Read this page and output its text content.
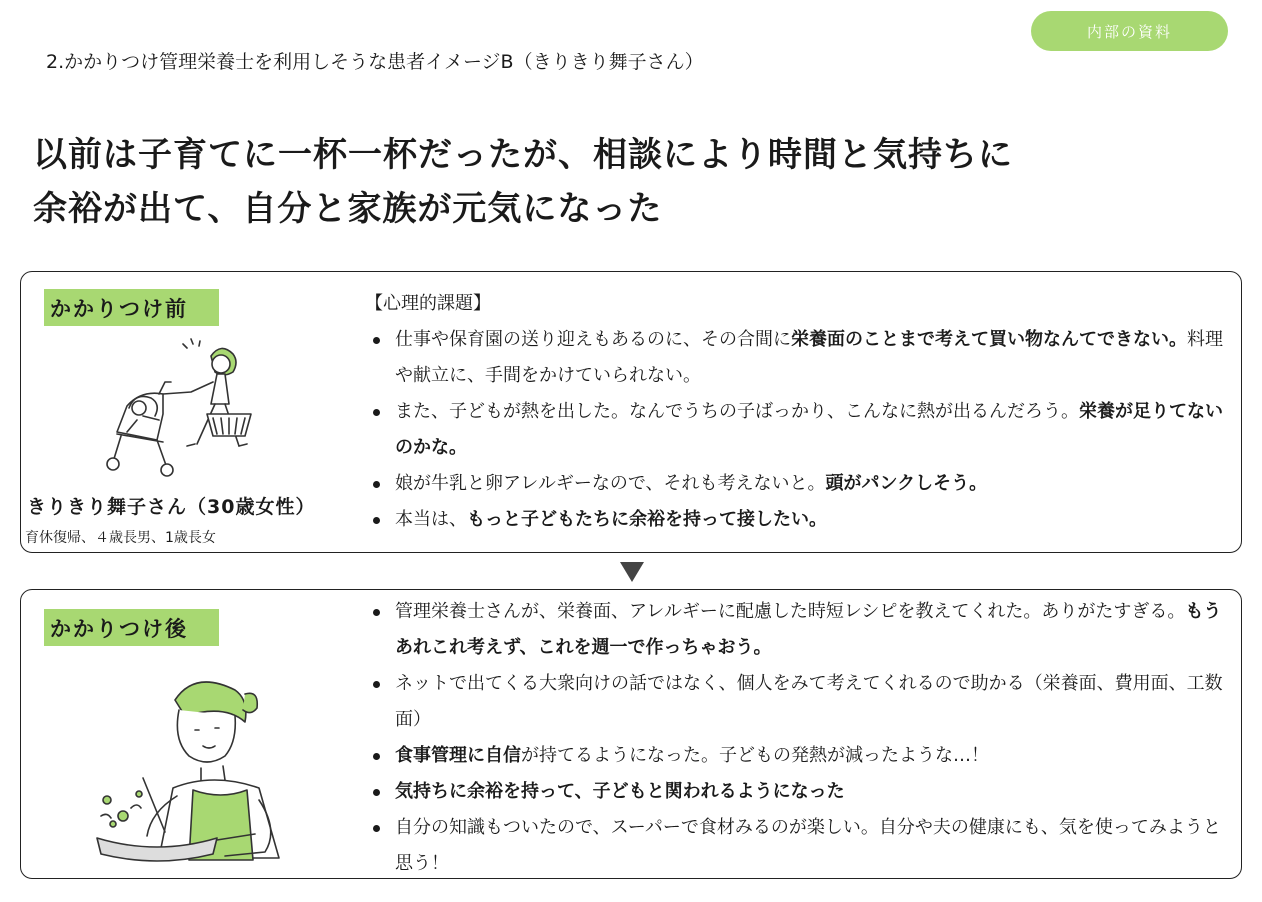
内部の資料
2.かかりつけ管理栄養士を利用しそうな患者イメージB（きりきり舞子さん）
以前は子育てに一杯一杯だったが、相談により時間と気持ちに
余裕が出て、自分と家族が元気になった
かかりつけ前
きりきり舞子さん（30歳女性）
育休復帰、４歳長男、1歳長女
【心理的課題】
仕事や保育園の送り迎えもあるのに、その合間に栄養面のことまで考えて買い物なんてできない。料理や献立に、手間をかけていられない。
また、子どもが熱を出した。なんでうちの子ばっかり、こんなに熱が出るんだろう。栄養が足りてないのかな。
娘が牛乳と卵アレルギーなので、それも考えないと。頭がパンクしそう。
本当は、もっと子どもたちに余裕を持って接したい。
かかりつけ後
管理栄養士さんが、栄養面、アレルギーに配慮した時短レシピを教えてくれた。ありがたすぎる。もうあれこれ考えず、これを週一で作っちゃおう。
ネットで出てくる大衆向けの話ではなく、個人をみて考えてくれるので助かる（栄養面、費用面、工数面）
食事管理に自信が持てるようになった。子どもの発熱が減ったような…！
気持ちに余裕を持って、子どもと関われるようになった
自分の知識もついたので、スーパーで食材みるのが楽しい。自分や夫の健康にも、気を使ってみようと思う！
